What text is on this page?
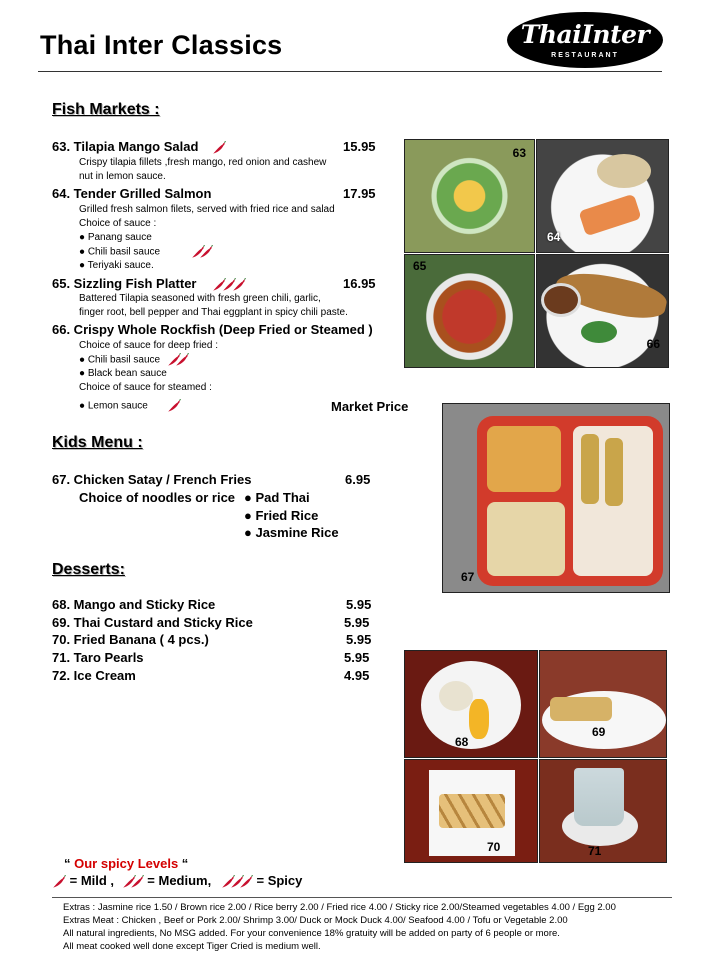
Thai Inter Classics	ThaiInter
RESTAURANT
Fish Markets :
63. Tilapia Mango Salad	15.95
Crispy tilapia fillets ,fresh mango, red onion and cashew
nut in lemon sauce.
64. Tender Grilled Salmon	17.95
Grilled fresh salmon filets, served with fried rice and salad
Choice of sauce :
● Panang sauce
● Chili basil sauce
● Teriyaki sauce.
65. Sizzling Fish Platter	16.95
Battered Tilapia seasoned with fresh green chili, garlic,
finger root, bell pepper and Thai eggplant in spicy chili paste.
66. Crispy Whole Rockfish (Deep Fried or Steamed )
Choice of sauce for deep fried :
● Chili basil sauce
● Black bean sauce
Choice of sauce for steamed :
● Lemon sauce	Market Price
Kids Menu :
67. Chicken Satay / French Fries	6.95
Choice of noodles or rice ● Pad Thai
● Fried Rice
● Jasmine Rice
Desserts:
68. Mango and Sticky Rice	5.95
69. Thai Custard and Sticky Rice	5.95
70. Fried Banana ( 4 pcs.)	5.95
71. Taro Pearls	5.95
72. Ice Cream	4.95
63
64
65
66
67
68
69
70	71
“ Our spicy Levels “
= Mild ,	= Medium,	= Spicy
Extras : Jasmine rice 1.50 / Brown rice 2.00 / Rice berry 2.00 / Fried rice 4.00 / Sticky rice 2.00/Steamed vegetables 4.00 / Egg 2.00
Extras Meat : Chicken , Beef or Pork 2.00/ Shrimp 3.00/ Duck or Mock Duck 4.00/ Seafood 4.00 / Tofu or Vegetable 2.00
All natural ingredients, No MSG added. For your convenience 18% gratuity will be added on party of 6 people or more.
All meat cooked well done except Tiger Cried is medium well.
